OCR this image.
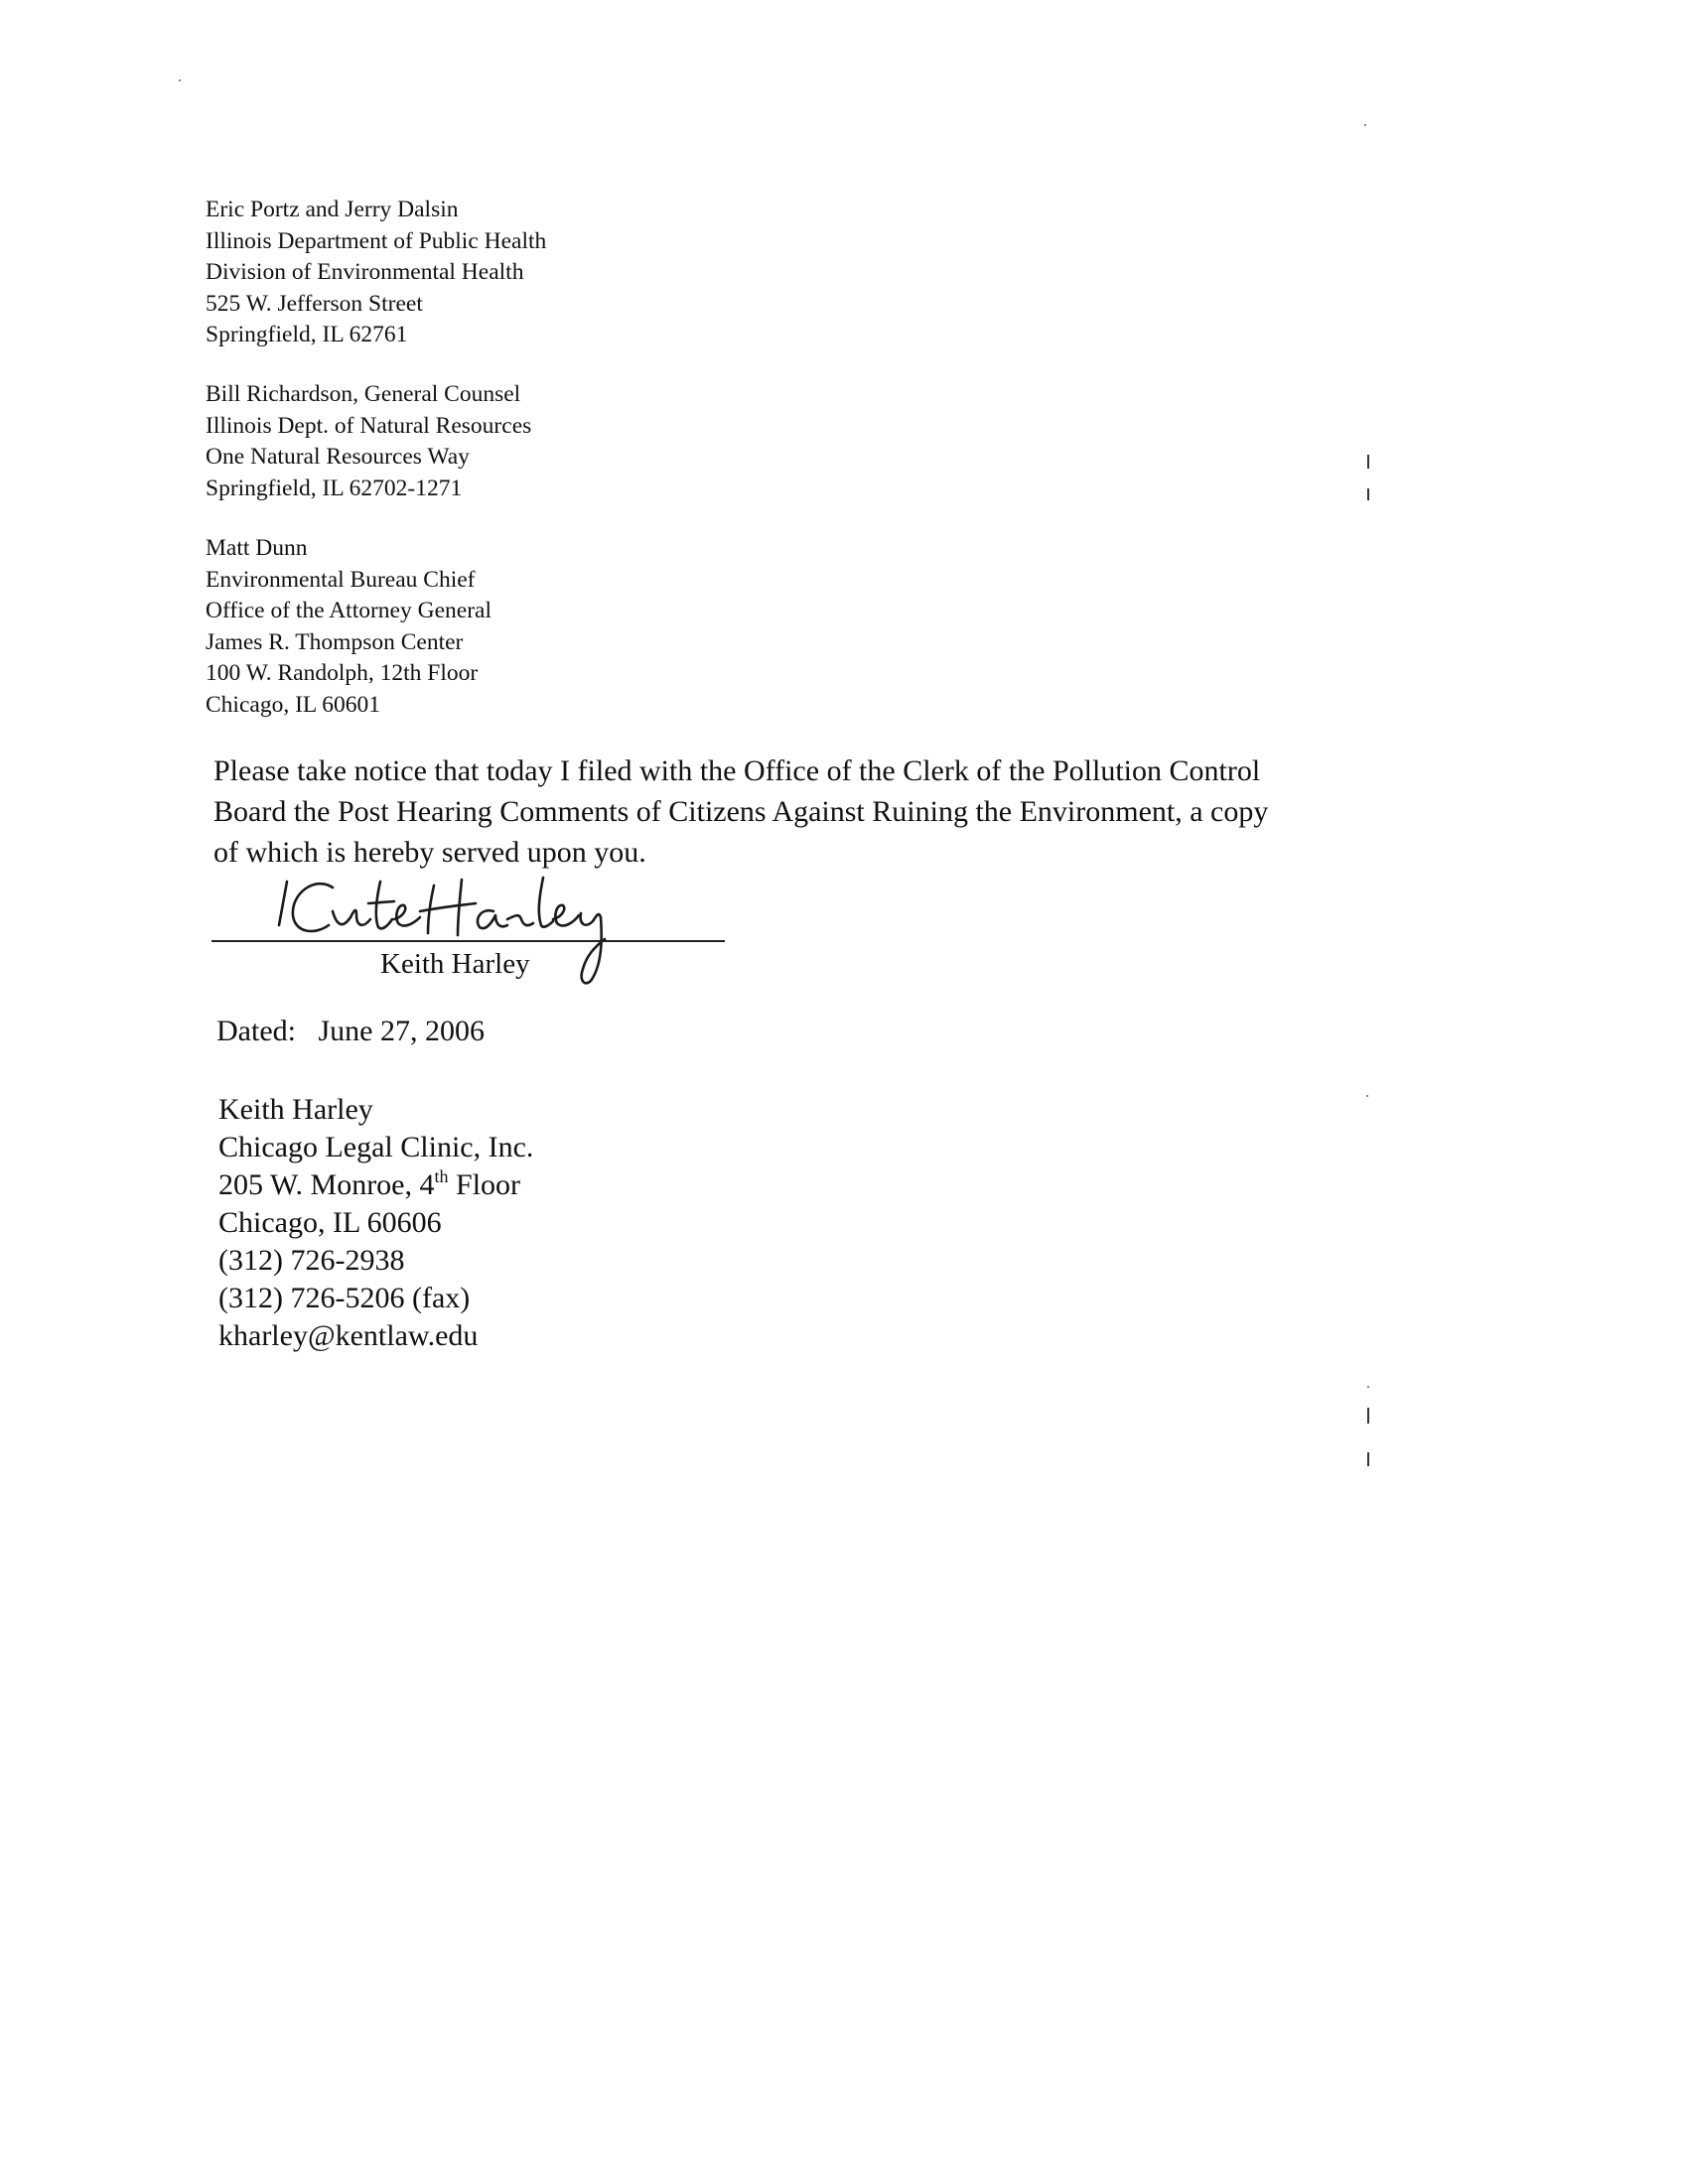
Eric Portz and Jerry Dalsin
Illinois Department of Public Health
Division of Environmental Health
525 W. Jefferson Street
Springfield, IL 62761
Bill Richardson, General Counsel
Illinois Dept. of Natural Resources
One Natural Resources Way
Springfield, IL 62702-1271
Matt Dunn
Environmental Bureau Chief
Office of the Attorney General
James R. Thompson Center
100 W. Randolph, 12th Floor
Chicago, IL 60601

Please take notice that today I filed with the Office of the Clerk of the Pollution Control
Board the Post Hearing Comments of Citizens Against Ruining the Environment, a copy
of which is hereby served upon you.

Keith Harley
Dated: June 27, 2006
Keith Harley
Chicago Legal Clinic, Inc.
205 W. Monroe, 4th Floor
Chicago, IL 60606
(312) 726-2938
(312) 726-5206 (fax)
kharley@kentlaw.edu
